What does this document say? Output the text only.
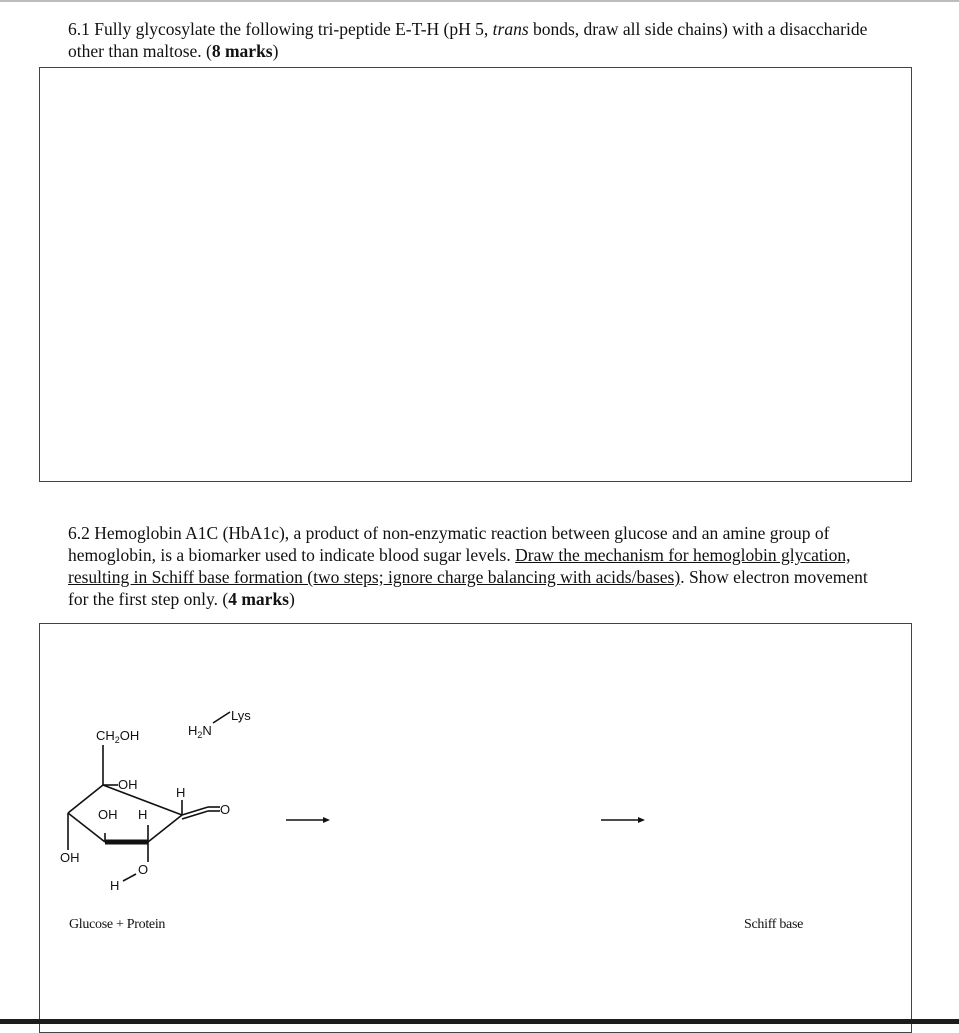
6.1 Fully glycosylate the following tri-peptide E-T-H (pH 5, trans bonds, draw all side chains) with a disaccharide other than maltose. (8 marks)
6.2 Hemoglobin A1C (HbA1c), a product of non-enzymatic reaction between glucose and an amine group of hemoglobin, is a biomarker used to indicate blood sugar levels. Draw the mechanism for hemoglobin glycation, resulting in Schiff base formation (two steps; ignore charge balancing with acids/bases). Show electron movement for the first step only. (4 marks)
$CH_2OH$
OH
OH H
H
O
OH
H
O
$H_2N$
Lys
Glucose + Protein	Schiff base
